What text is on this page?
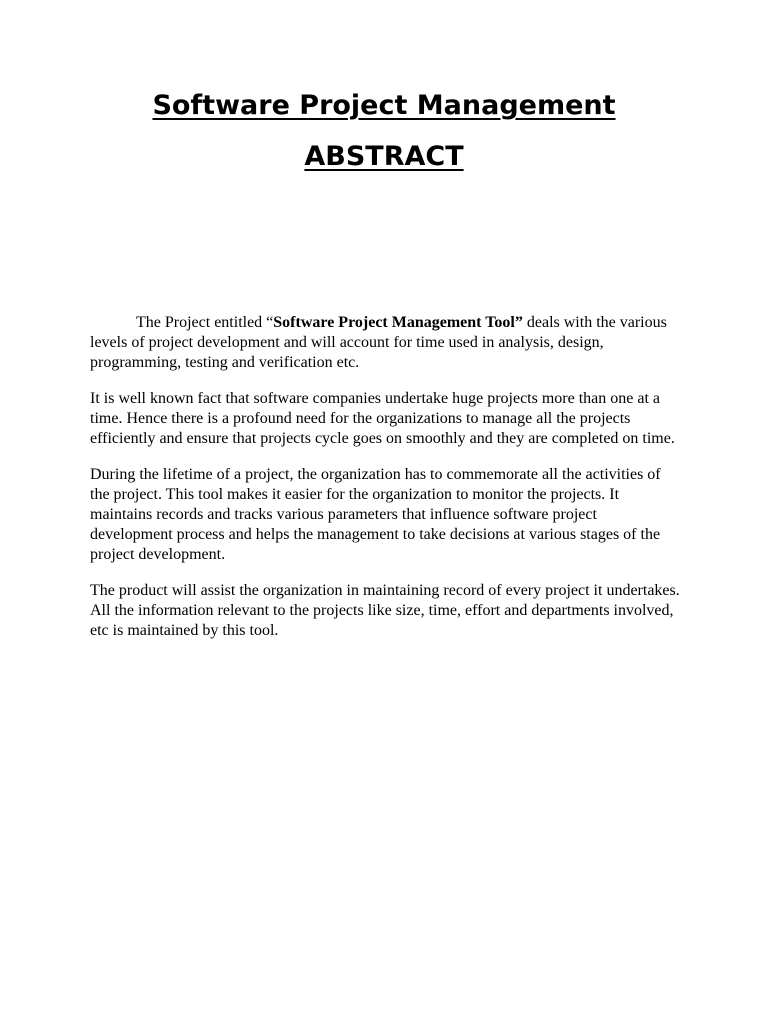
Software Project Management
ABSTRACT

The Project entitled “Software Project Management Tool” deals with the various levels of project development and will account for time used in analysis, design, programming, testing and verification etc.

It is well known fact that software companies undertake huge projects more than one at a time. Hence there is a profound need for the organizations to manage all the projects efficiently and ensure that projects cycle goes on smoothly and they are completed on time.

During the lifetime of a project, the organization has to commemorate all the activities of the project. This tool makes it easier for the organization to monitor the projects. It maintains records and tracks various parameters that influence software project development process and helps the management to take decisions at various stages of the project development.

The product will assist the organization in maintaining record of every project it undertakes. All the information relevant to the projects like size, time, effort and departments involved, etc is maintained by this tool.
